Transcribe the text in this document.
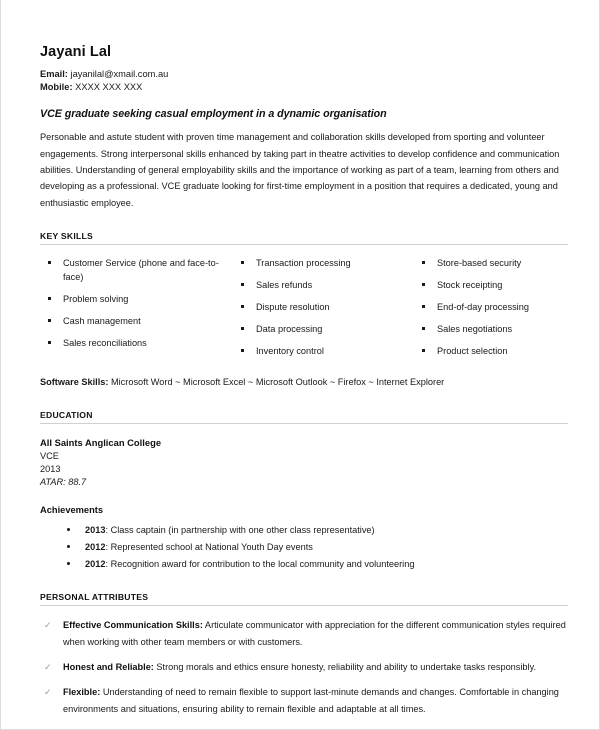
Jayani Lal
Email: jayanilal@xmail.com.au
Mobile: XXXX XXX XXX
VCE graduate seeking casual employment in a dynamic organisation

Personable and astute student with proven time management and collaboration skills developed from sporting and volunteer engagements. Strong interpersonal skills enhanced by taking part in theatre activities to develop confidence and communication abilities. Understanding of general employability skills and the importance of working as part of a team, learning from others and developing as a professional. VCE graduate looking for first-time employment in a position that requires a dedicated, young and enthusiastic employee.

KEY SKILLS
Customer Service (phone and face-to-face)
Problem solving
Cash management
Sales reconciliations
Transaction processing
Sales refunds
Dispute resolution
Data processing
Inventory control
Store-based security
Stock receipting
End-of-day processing
Sales negotiations
Product selection
Software Skills: Microsoft Word ~ Microsoft Excel ~ Microsoft Outlook ~ Firefox ~ Internet Explorer
EDUCATION
All Saints Anglican College
VCE
2013
ATAR: 88.7
Achievements
2013: Class captain (in partnership with one other class representative)
2012: Represented school at National Youth Day events
2012: Recognition award for contribution to the local community and volunteering
PERSONAL ATTRIBUTES
✓ Effective Communication Skills: Articulate communicator with appreciation for the different communication styles required when working with other team members or with customers.
✓ Honest and Reliable: Strong morals and ethics ensure honesty, reliability and ability to undertake tasks responsibly.
✓ Flexible: Understanding of need to remain flexible to support last-minute demands and changes. Comfortable in changing environments and situations, ensuring ability to remain flexible and adaptable at all times.
